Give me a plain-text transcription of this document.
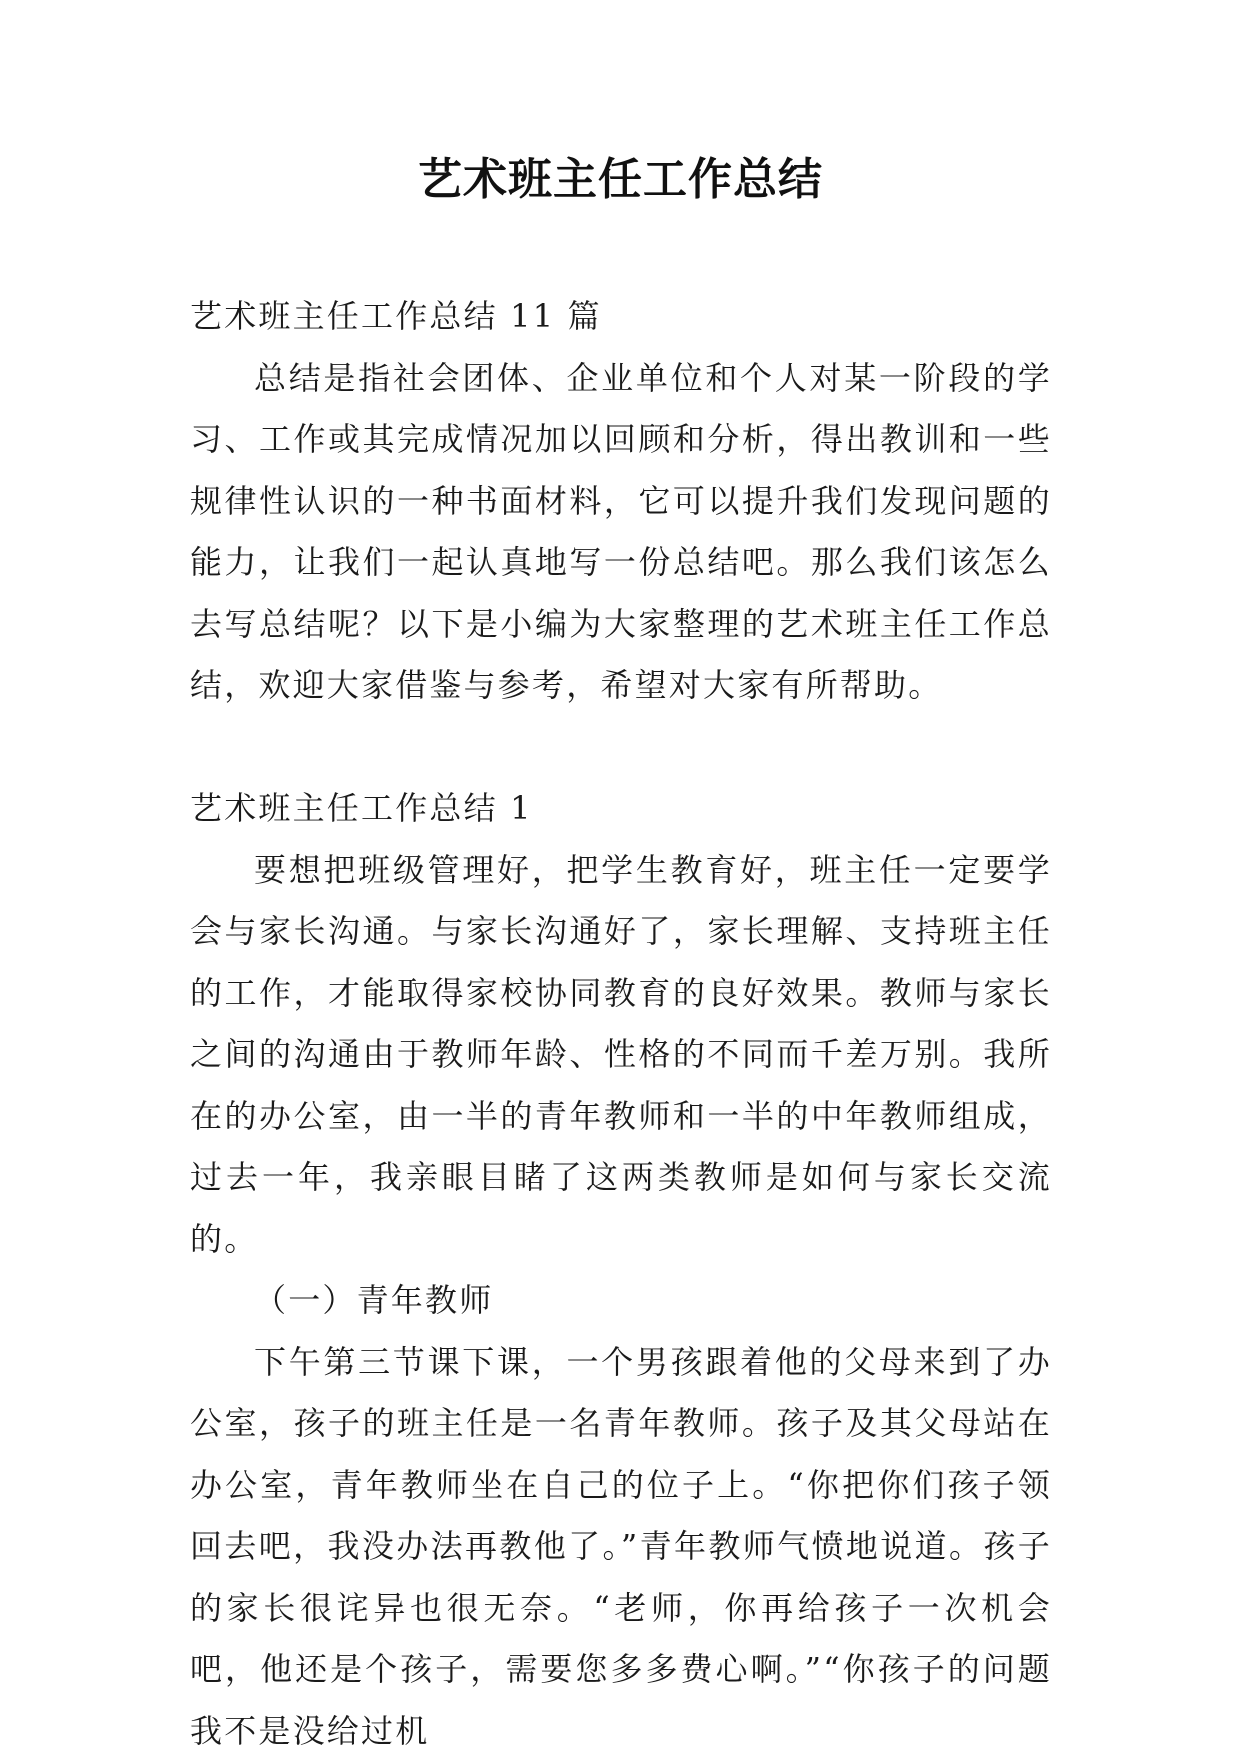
艺术班主任工作总结

艺术班主任工作总结 11 篇

总结是指社会团体、企业单位和个人对某一阶段的学习、工作或其完成情况加以回顾和分析，得出教训和一些规律性认识的一种书面材料，它可以提升我们发现问题的能力，让我们一起认真地写一份总结吧。那么我们该怎么去写总结呢？以下是小编为大家整理的艺术班主任工作总结，欢迎大家借鉴与参考，希望对大家有所帮助。

艺术班主任工作总结 1

要想把班级管理好，把学生教育好，班主任一定要学会与家长沟通。与家长沟通好了，家长理解、支持班主任的工作，才能取得家校协同教育的良好效果。教师与家长之间的沟通由于教师年龄、性格的不同而千差万别。我所在的办公室，由一半的青年教师和一半的中年教师组成，过去一年，我亲眼目睹了这两类教师是如何与家长交流的。

（一）青年教师

下午第三节课下课，一个男孩跟着他的父母来到了办公室，孩子的班主任是一名青年教师。孩子及其父母站在办公室，青年教师坐在自己的位子上。“你把你们孩子领回去吧，我没办法再教他了。”青年教师气愤地说道。孩子的家长很诧异也很无奈。“老师，你再给孩子一次机会吧，他还是个孩子，需要您多多费心啊。”“你孩子的问题我不是没给过机
